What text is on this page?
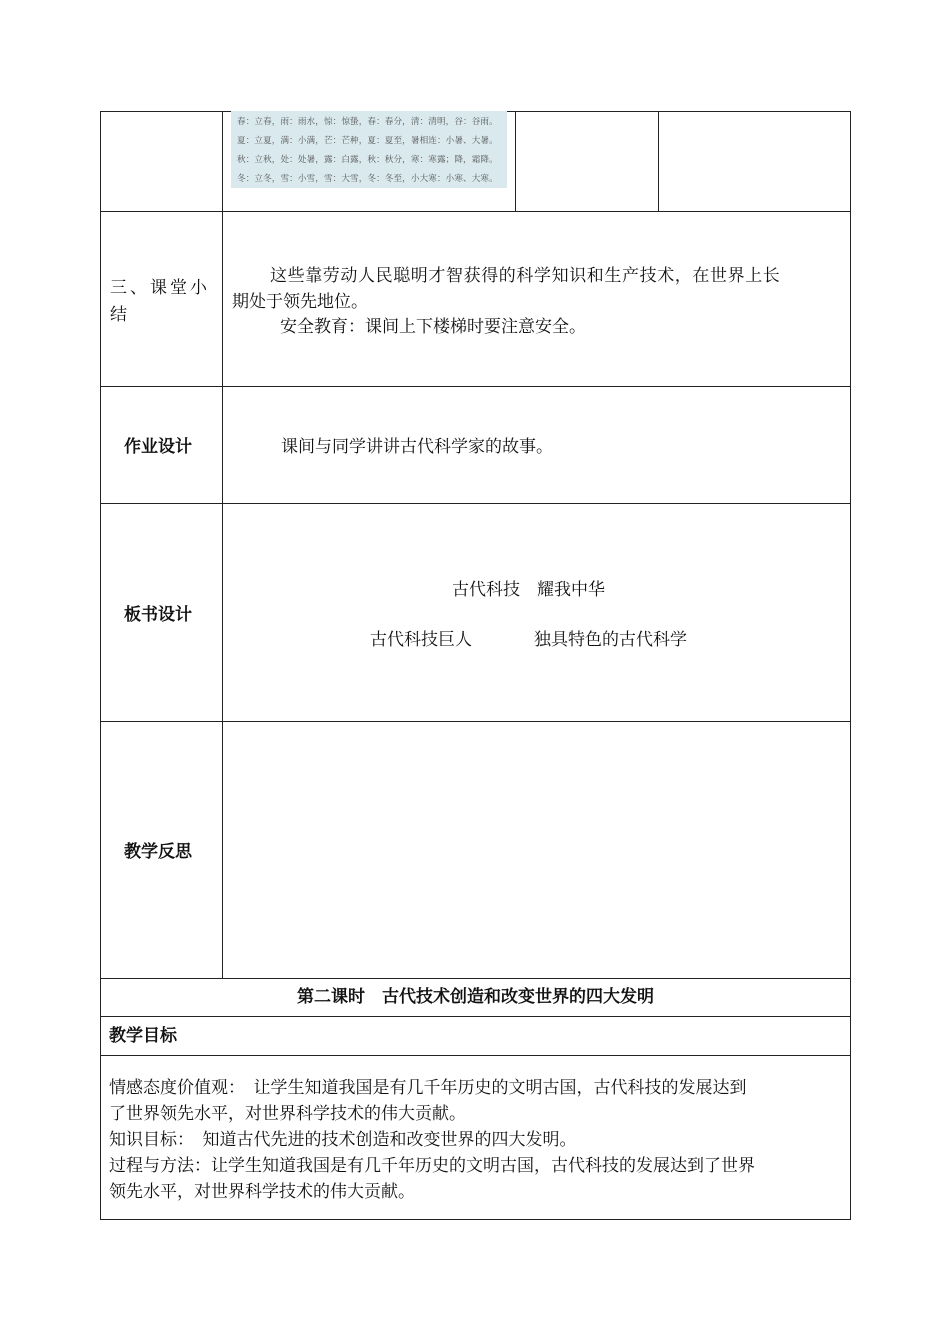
春：立春，雨：雨水，惊：惊蛰，春：春分，清：清明，谷：谷雨。
夏：立夏，满：小满，芒：芒种，夏：夏至，暑相连：小暑、大暑。
秋：立秋，处：处暑，露：白露，秋：秋分，寒：寒露；降，霜降。
冬：立冬，雪：小雪，雪：大雪，冬：冬至，小大寒：小寒、大寒。
三、课堂小
结
这些靠劳动人民聪明才智获得的科学知识和生产技术，在世界上长
期处于领先地位。
安全教育：课间上下楼梯时要注意安全。
作业设计	课间与同学讲讲古代科学家的故事。
板书设计
古代科技　耀我中华
古代科技巨人	独具特色的古代科学
教学反思
第二课时　古代技术创造和改变世界的四大发明
教学目标
情感态度价值观：　让学生知道我国是有几千年历史的文明古国，古代科技的发展达到
了世界领先水平，对世界科学技术的伟大贡献。
知识目标：　知道古代先进的技术创造和改变世界的四大发明。
过程与方法：让学生知道我国是有几千年历史的文明古国，古代科技的发展达到了世界
领先水平，对世界科学技术的伟大贡献。
